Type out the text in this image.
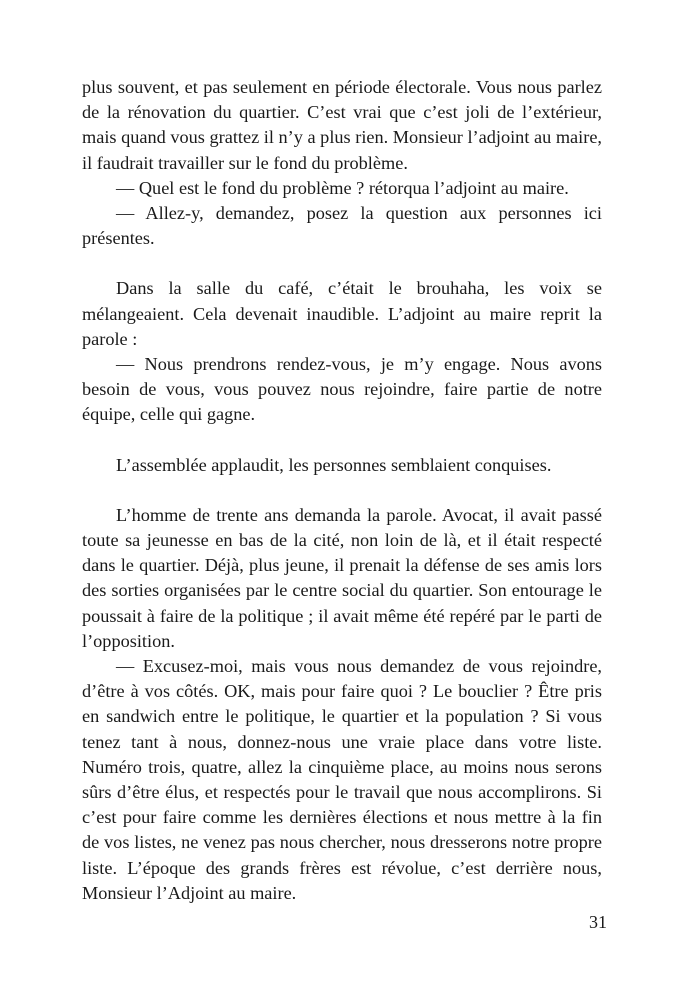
plus souvent, et pas seulement en période électorale. Vous nous parlez de la rénovation du quartier. C’est vrai que c’est joli de l’extérieur, mais quand vous grattez il n’y a plus rien. Monsieur l’adjoint au maire, il faudrait travailler sur le fond du problème.

— Quel est le fond du problème ? rétorqua l’adjoint au maire.

— Allez-y, demandez, posez la question aux personnes ici présentes.

Dans la salle du café, c’était le brouhaha, les voix se mélangeaient. Cela devenait inaudible. L’adjoint au maire reprit la parole :

— Nous prendrons rendez-vous, je m’y engage. Nous avons besoin de vous, vous pouvez nous rejoindre, faire partie de notre équipe, celle qui gagne.

L’assemblée applaudit, les personnes semblaient conquises.

L’homme de trente ans demanda la parole. Avocat, il avait passé toute sa jeunesse en bas de la cité, non loin de là, et il était respecté dans le quartier. Déjà, plus jeune, il prenait la défense de ses amis lors des sorties organisées par le centre social du quartier. Son entourage le poussait à faire de la politique ; il avait même été repéré par le parti de l’opposition.

— Excusez-moi, mais vous nous demandez de vous rejoindre, d’être à vos côtés. OK, mais pour faire quoi ? Le bouclier ? Être pris en sandwich entre le politique, le quartier et la population ? Si vous tenez tant à nous, donnez-nous une vraie place dans votre liste. Numéro trois, quatre, allez la cinquième place, au moins nous serons sûrs d’être élus, et respectés pour le travail que nous accomplirons. Si c’est pour faire comme les dernières élections et nous mettre à la fin de vos listes, ne venez pas nous chercher, nous dresserons notre propre liste. L’époque des grands frères est révolue, c’est derrière nous, Monsieur l’Adjoint au maire.

31
